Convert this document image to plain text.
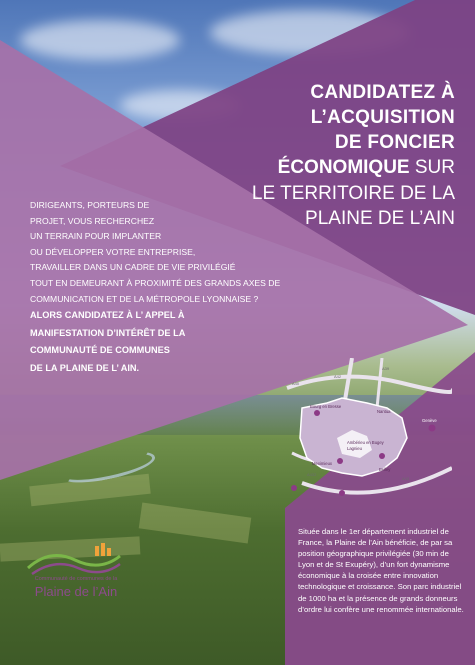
CANDIDATEZ À
L’ACQUISITION
DE FONCIER
ÉCONOMIQUE SUR
LE TERRITOIRE DE LA
PLAINE DE L’AIN
DIRIGEANTS, PORTEURS DE
PROJET, VOUS RECHERCHEZ
UN TERRAIN POUR IMPLANTER
OU DÉVELOPPER VOTRE ENTREPRISE,
TRAVAILLER DANS UN CADRE DE VIE PRIVILÉGIÉ
TOUT EN DEMEURANT À PROXIMITÉ DES GRANDS AXES DE
COMMUNICATION ET DE LA MÉTROPOLE LYONNAISE ?
ALORS CANDIDATEZ À L’ APPEL À
MANIFESTATION D’INTÉRÊT DE LA
COMMUNAUTÉ DE COMMUNES
DE LA PLAINE DE L’ AIN.
Bourg en Bresse
Nantua
Ambérieu en Bugey
Lagnieu
Meximieux
Belley
Genève
A40
A42
A39
A43
A432
Située dans le 1er département industriel de France, la Plaine de l’Ain bénéficie, de par sa position géographique privilégiée (30 min de Lyon et de St Exupéry), d’un fort dynamisme économique à la croisée entre innovation technologique et croissance. Son parc industriel de 1000 ha et la présence de grands donneurs d’ordre lui confère une renommée internationale.
Communauté de communes de la
Plaine de l’Ain
